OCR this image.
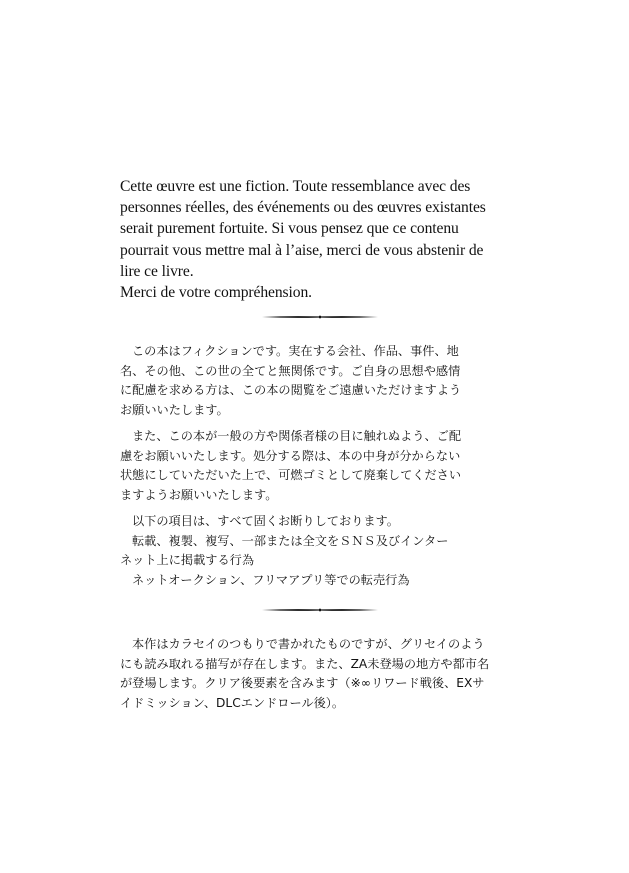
Cette œuvre est une fiction. Toute ressemblance avec des
personnes réelles, des événements ou des œuvres existantes
serait purement fortuite. Si vous pensez que ce contenu
pourrait vous mettre mal à l’aise, merci de vous abstenir de
lire ce livre.
Merci de votre compréhension.
この本はフィクションです。実在する会社、作品、事件、地
名、その他、この世の全てと無関係です。ご自身の思想や感情
に配慮を求める方は、この本の閲覧をご遠慮いただけますよう
お願いいたします。
また、この本が一般の方や関係者様の目に触れぬよう、ご配
慮をお願いいたします。処分する際は、本の中身が分からない
状態にしていただいた上で、可燃ゴミとして廃棄してください
ますようお願いいたします。
以下の項目は、すべて固くお断りしております。
転載、複製、複写、一部または全文をＳＮＳ及びインター
ネット上に掲載する行為
ネットオークション、フリマアプリ等での転売行為
本作はカラセイのつもりで書かれたものですが、グリセイのよう
にも読み取れる描写が存在します。また、ZA未登場の地方や都市名
が登場します。クリア後要素を含みます（※∞リワード戦後、EXサ
イドミッション、DLCエンドロール後）。
